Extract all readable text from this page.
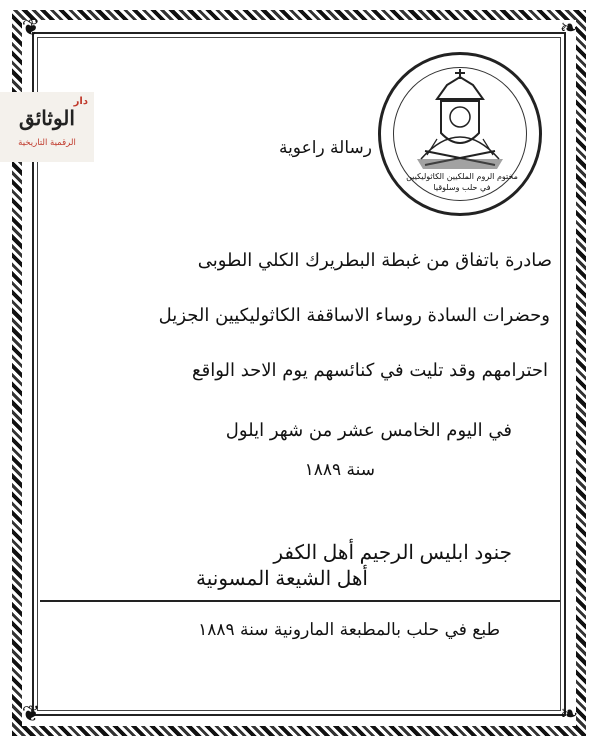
❦	❧
❦	❧
مختوم الروم الملكيين الكاثوليكيين
في حلب وسلوقيا
دار
الوثائق
الرقمية التاريخية	رسالة راعوية
صادرة باتفاق من غبطة البطريرك الكلي الطوبى
وحضرات السادة روساء الاساقفة الكاثوليكيين الجزيل
احترامهم وقد تليت في كنائسهم يوم الاحد الواقع
في اليوم الخامس عشر من شهر ايلول
سنة ١٨٨٩
جنود ابليس الرجيم أهل الكفر
أهل الشيعة المسونية
طبع في حلب بالمطبعة المارونية سنة ١٨٨٩
